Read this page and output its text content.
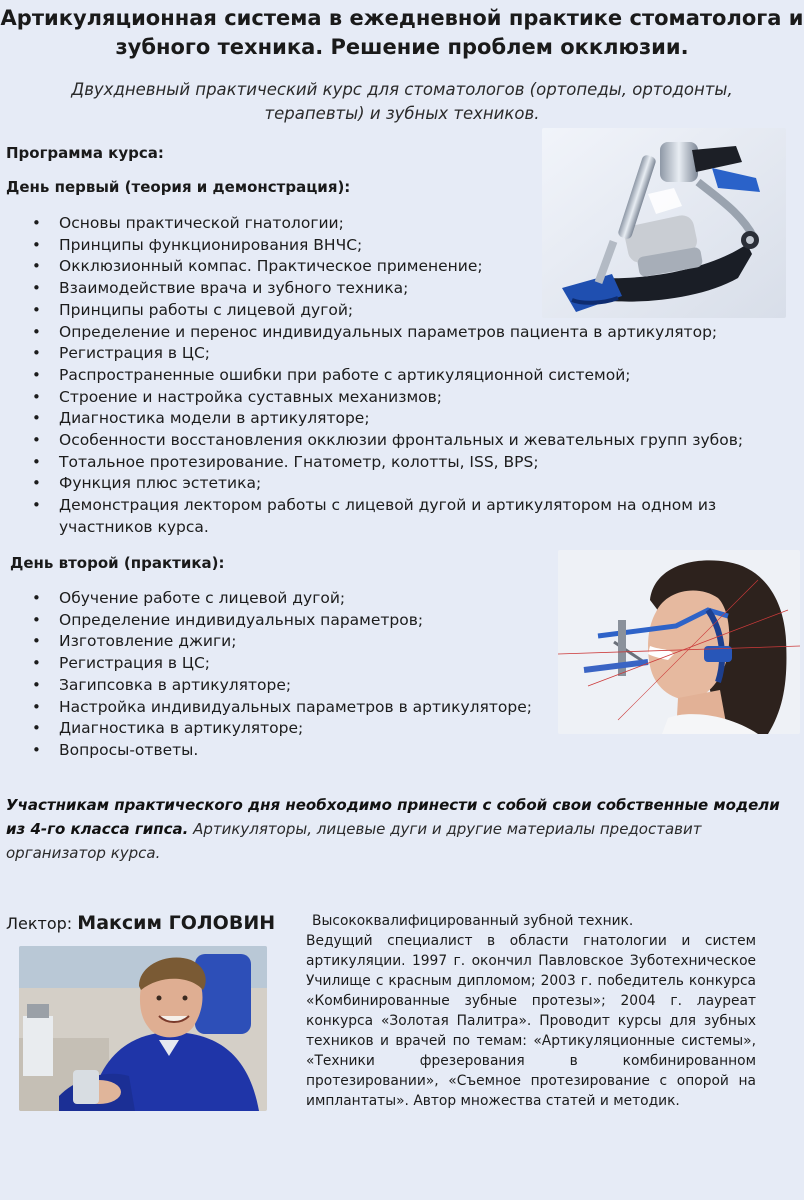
Артикуляционная система в ежедневной практике стоматолога и зубного техника. Решение проблем окклюзии.
Двухдневный практический курс для стоматологов (ортопеды, ортодонты, терапевты) и зубных техников.
Программа курса:
День первый (теория и демонстрация):
• Основы практической гнатологии;
• Принципы функционирования ВНЧС;
• Окклюзионный компас. Практическое применение;
• Взаимодействие врача и зубного техника;
• Принципы работы с лицевой дугой;
• Определение и перенос индивидуальных параметров пациента в артикулятор;
• Регистрация в ЦС;
• Распространенные ошибки при работе с артикуляционной системой;
• Строение и настройка суставных механизмов;
• Диагностика модели в артикуляторе;
• Особенности восстановления окклюзии фронтальных и жевательных групп зубов;
• Тотальное протезирование. Гнатометр, колотты, ISS, BPS;
• Функция плюс эстетика;
• Демонстрация лектором работы с лицевой дугой и артикулятором на одном из участников курса.
День второй (практика):
• Обучение работе с лицевой дугой;
• Определение индивидуальных параметров;
• Изготовление джиги;
• Регистрация в ЦС;
• Загипсовка в артикуляторе;
• Настройка индивидуальных параметров в артикуляторе;
• Диагностика в артикуляторе;
• Вопросы-ответы.
Участникам практического дня необходимо принести с собой свои собственные модели из 4-го класса гипса. Артикуляторы, лицевые дуги и другие материалы предоставит организатор курса.
Лектор: Максим ГОЛОВИН	Высококвалифицированный зубной техник.

Ведущий специалист в области гнатологии и систем артикуляции. 1997 г. окончил Павловское Зуботехническое Училище с красным дипломом; 2003 г. победитель конкурса «Комбинированные зубные протезы»; 2004 г. лауреат конкурса «Золотая Палитра». Проводит курсы для зубных техников и врачей по темам: «Артикуляционные системы», «Техники фрезерования в комбинированном протезировании», «Съемное протезирование с опорой на имплантаты». Автор множества статей и методик.
